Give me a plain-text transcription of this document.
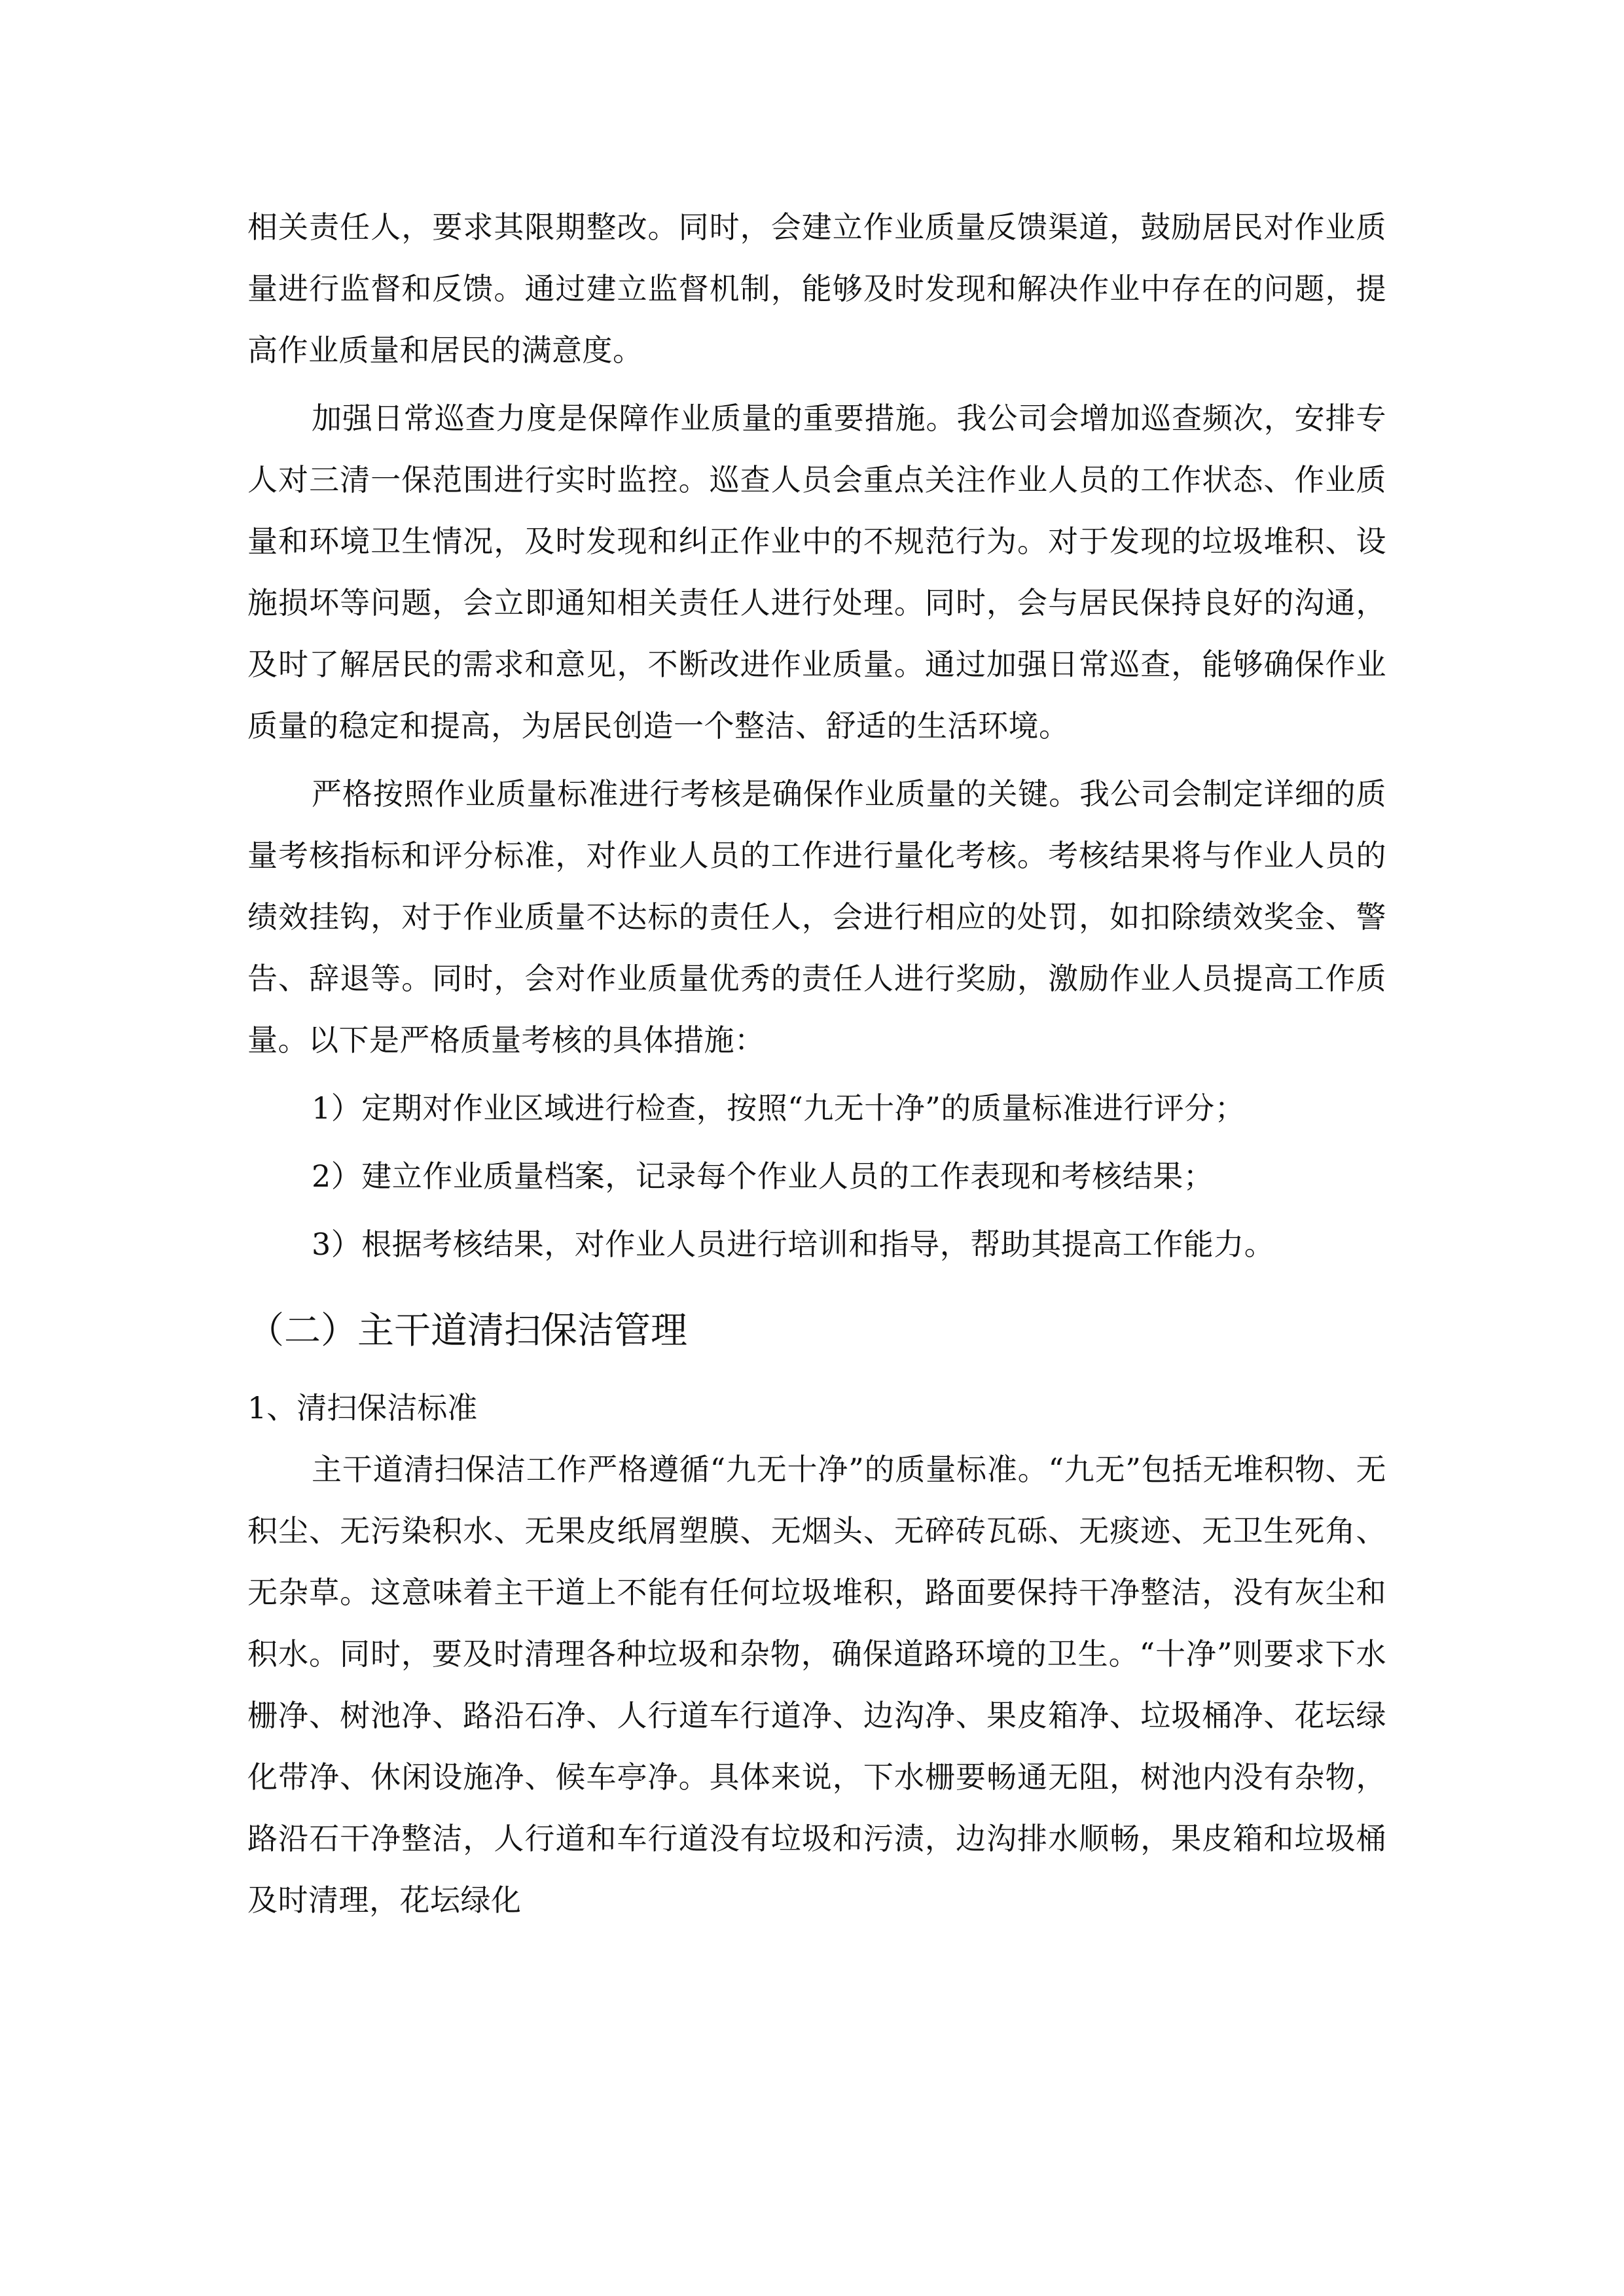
相关责任人，要求其限期整改。同时，会建立作业质量反馈渠道，鼓励居民对作业质量进行监督和反馈。通过建立监督机制，能够及时发现和解决作业中存在的问题，提高作业质量和居民的满意度。

加强日常巡查力度是保障作业质量的重要措施。我公司会增加巡查频次，安排专人对三清一保范围进行实时监控。巡查人员会重点关注作业人员的工作状态、作业质量和环境卫生情况，及时发现和纠正作业中的不规范行为。对于发现的垃圾堆积、设施损坏等问题，会立即通知相关责任人进行处理。同时，会与居民保持良好的沟通，及时了解居民的需求和意见，不断改进作业质量。通过加强日常巡查，能够确保作业质量的稳定和提高，为居民创造一个整洁、舒适的生活环境。

严格按照作业质量标准进行考核是确保作业质量的关键。我公司会制定详细的质量考核指标和评分标准，对作业人员的工作进行量化考核。考核结果将与作业人员的绩效挂钩，对于作业质量不达标的责任人，会进行相应的处罚，如扣除绩效奖金、警告、辞退等。同时，会对作业质量优秀的责任人进行奖励，激励作业人员提高工作质量。以下是严格质量考核的具体措施：

1）定期对作业区域进行检查，按照“九无十净”的质量标准进行评分；

2）建立作业质量档案，记录每个作业人员的工作表现和考核结果；

3）根据考核结果，对作业人员进行培训和指导，帮助其提高工作能力。

（二）主干道清扫保洁管理
1、清扫保洁标准

主干道清扫保洁工作严格遵循“九无十净”的质量标准。“九无”包括无堆积物、无积尘、无污染积水、无果皮纸屑塑膜、无烟头、无碎砖瓦砾、无痰迹、无卫生死角、无杂草。这意味着主干道上不能有任何垃圾堆积，路面要保持干净整洁，没有灰尘和积水。同时，要及时清理各种垃圾和杂物，确保道路环境的卫生。“十净”则要求下水栅净、树池净、路沿石净、人行道车行道净、边沟净、果皮箱净、垃圾桶净、花坛绿化带净、休闲设施净、候车亭净。具体来说，下水栅要畅通无阻，树池内没有杂物，路沿石干净整洁，人行道和车行道没有垃圾和污渍，边沟排水顺畅，果皮箱和垃圾桶及时清理，花坛绿化
